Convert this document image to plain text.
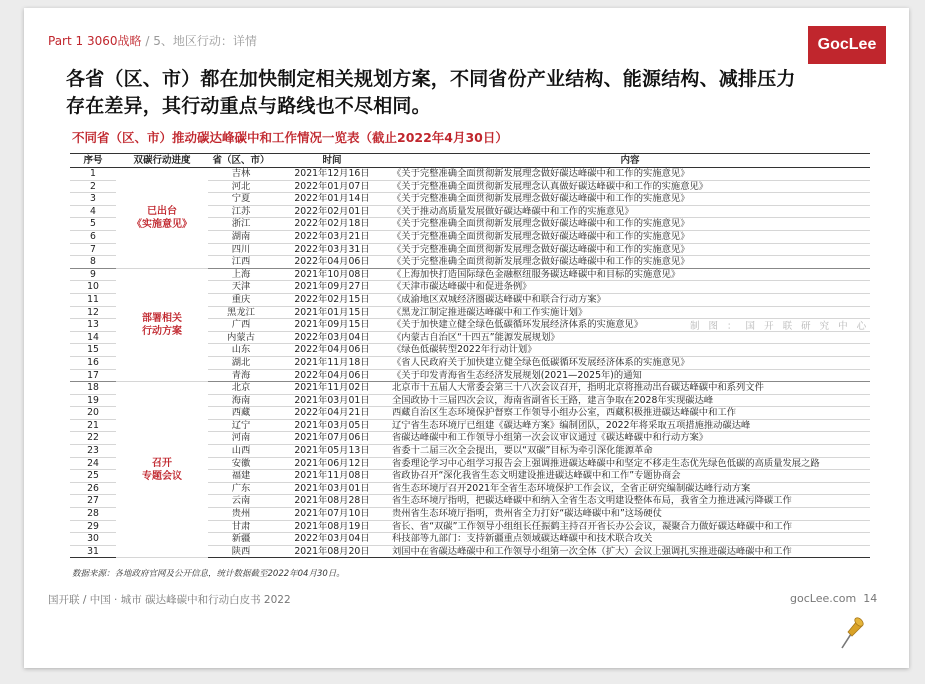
Part 1 3060战略 / 5、地区行动：详情	GocLee
各省（区、市）都在加快制定相关规划方案，不同省份产业结构、能源结构、减排压力存在差异，其行动重点与路线也不尽相同。
不同省（区、市）推动碳达峰碳中和工作情况一览表（截止2022年4月30日）
序号	双碳行动进度	省（区、市）	时间	内容
1	已出台
《实施意见》	吉林	2021年12月16日	《关于完整准确全面贯彻新发展理念做好碳达峰碳中和工作的实施意见》
2		河北	2022年01月07日	《关于完整准确全面贯彻新发展理念认真做好碳达峰碳中和工作的实施意见》
3		宁夏	2022年01月14日	《关于完整准确全面贯彻新发展理念做好碳达峰碳中和工作的实施意见》
4		江苏	2022年02月01日	《关于推动高质量发展做好碳达峰碳中和工作的实施意见》
5		浙江	2022年02月18日	《关于完整准确全面贯彻新发展理念做好碳达峰碳中和工作的实施意见》
6		湖南	2022年03月21日	《关于完整准确全面贯彻新发展理念做好碳达峰碳中和工作的实施意见》
7		四川	2022年03月31日	《关于完整准确全面贯彻新发展理念做好碳达峰碳中和工作的实施意见》
8		江西	2022年04月06日	《关于完整准确全面贯彻新发展理念做好碳达峰碳中和工作的实施意见》
9	部署相关
行动方案	上海	2021年10月08日	《上海加快打造国际绿色金融枢纽服务碳达峰碳中和目标的实施意见》
10		天津	2021年09月27日	《天津市碳达峰碳中和促进条例》
11		重庆	2022年02月15日	《成渝地区双城经济圈碳达峰碳中和联合行动方案》
12		黑龙江	2021年01月15日	《黑龙江制定推进碳达峰碳中和工作实施计划》
13		广西	2021年09月15日	《关于加快建立健全绿色低碳循环发展经济体系的实施意见》
14		内蒙古	2022年03月04日	《内蒙古自治区“十四五”能源发展规划》
15		山东	2022年04月06日	《绿色低碳转型2022年行动计划》
16		湖北	2021年11月18日	《省人民政府关于加快建立健全绿色低碳循环发展经济体系的实施意见》
17		青海	2022年04月06日	《关于印发青海省生态经济发展规划(2021—2025年)的通知
18	召开
专题会议	北京	2021年11月02日	北京市十五届人大常委会第三十八次会议召开，指明北京将推动出台碳达峰碳中和系列文件
19		海南	2021年03月01日	全国政协十三届四次会议，海南省副省长王路，建言争取在2028年实现碳达峰
20		西藏	2022年04月21日	西藏自治区生态环境保护督察工作领导小组办公室，西藏积极推进碳达峰碳中和工作
21		辽宁	2021年03月05日	辽宁省生态环境厅已组建《碳达峰方案》编制团队，2022年将采取五项措施推动碳达峰
22		河南	2021年07月06日	省碳达峰碳中和工作领导小组第一次会议审议通过《碳达峰碳中和行动方案》
23		山西	2021年05月13日	省委十二届三次全会提出，要以“双碳”目标为牵引深化能源革命
24		安徽	2021年06月12日	省委理论学习中心组学习报告会上强调推进碳达峰碳中和坚定不移走生态优先绿色低碳的高质量发展之路
25		福建	2021年11月08日	省政协召开“深化我省生态文明建设推进碳达峰碳中和工作”专题协商会
26		广东	2021年03月01日	省生态环境厅召开2021年全省生态环境保护工作会议，全省正研究编制碳达峰行动方案
27		云南	2021年08月28日	省生态环境厅指明，把碳达峰碳中和纳入全省生态文明建设整体布局，我省全力推进减污降碳工作
28		贵州	2021年07月10日	贵州省生态环境厅指明，贵州省全力打好“碳达峰碳中和”这场硬仗
29		甘肃	2021年08月19日	省长、省“双碳”工作领导小组组长任振鹤主持召开省长办公会议，凝聚合力做好碳达峰碳中和工作
30		新疆	2022年03月04日	科技部等九部门：支持新疆重点领域碳达峰碳中和技术联合攻关
31		陕西	2021年08月20日	刘国中在省碳达峰碳中和工作领导小组第一次全体（扩大）会议上强调扎实推进碳达峰碳中和工作
制 图 ： 国 开 联 研 究 中 心
数据来源：各地政府官网及公开信息，统计数据截至2022年04月30日。
国开联 / 中国 · 城市 碳达峰碳中和行动白皮书 2022	gocLee.com 14
